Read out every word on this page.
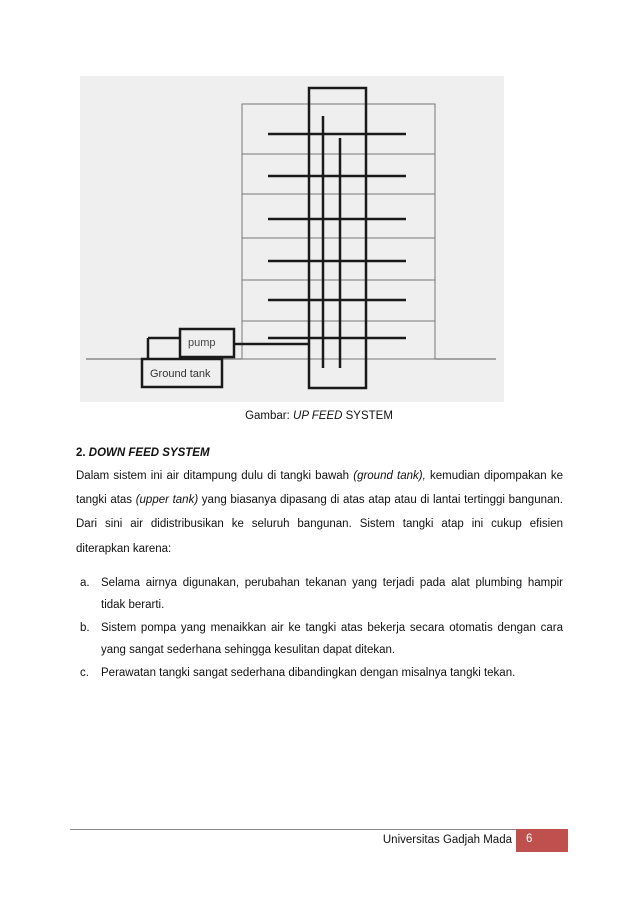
pump
Ground tank
Gambar: UP FEED SYSTEM
2. DOWN FEED SYSTEM

Dalam sistem ini air ditampung dulu di tangki bawah (ground tank), kemudian dipompakan ke tangki atas (upper tank) yang biasanya dipasang di atas atap atau di lantai tertinggi bangunan. Dari sini air didistribusikan ke seluruh bangunan. Sistem tangki atap ini cukup efisien diterapkan karena:

a. Selama airnya digunakan, perubahan tekanan yang terjadi pada alat plumbing hampir tidak berarti.
b. Sistem pompa yang menaikkan air ke tangki atas bekerja secara otomatis dengan cara yang sangat sederhana sehingga kesulitan dapat ditekan.
c. Perawatan tangki sangat sederhana dibandingkan dengan misalnya tangki tekan.
Universitas Gadjah Mada 6
